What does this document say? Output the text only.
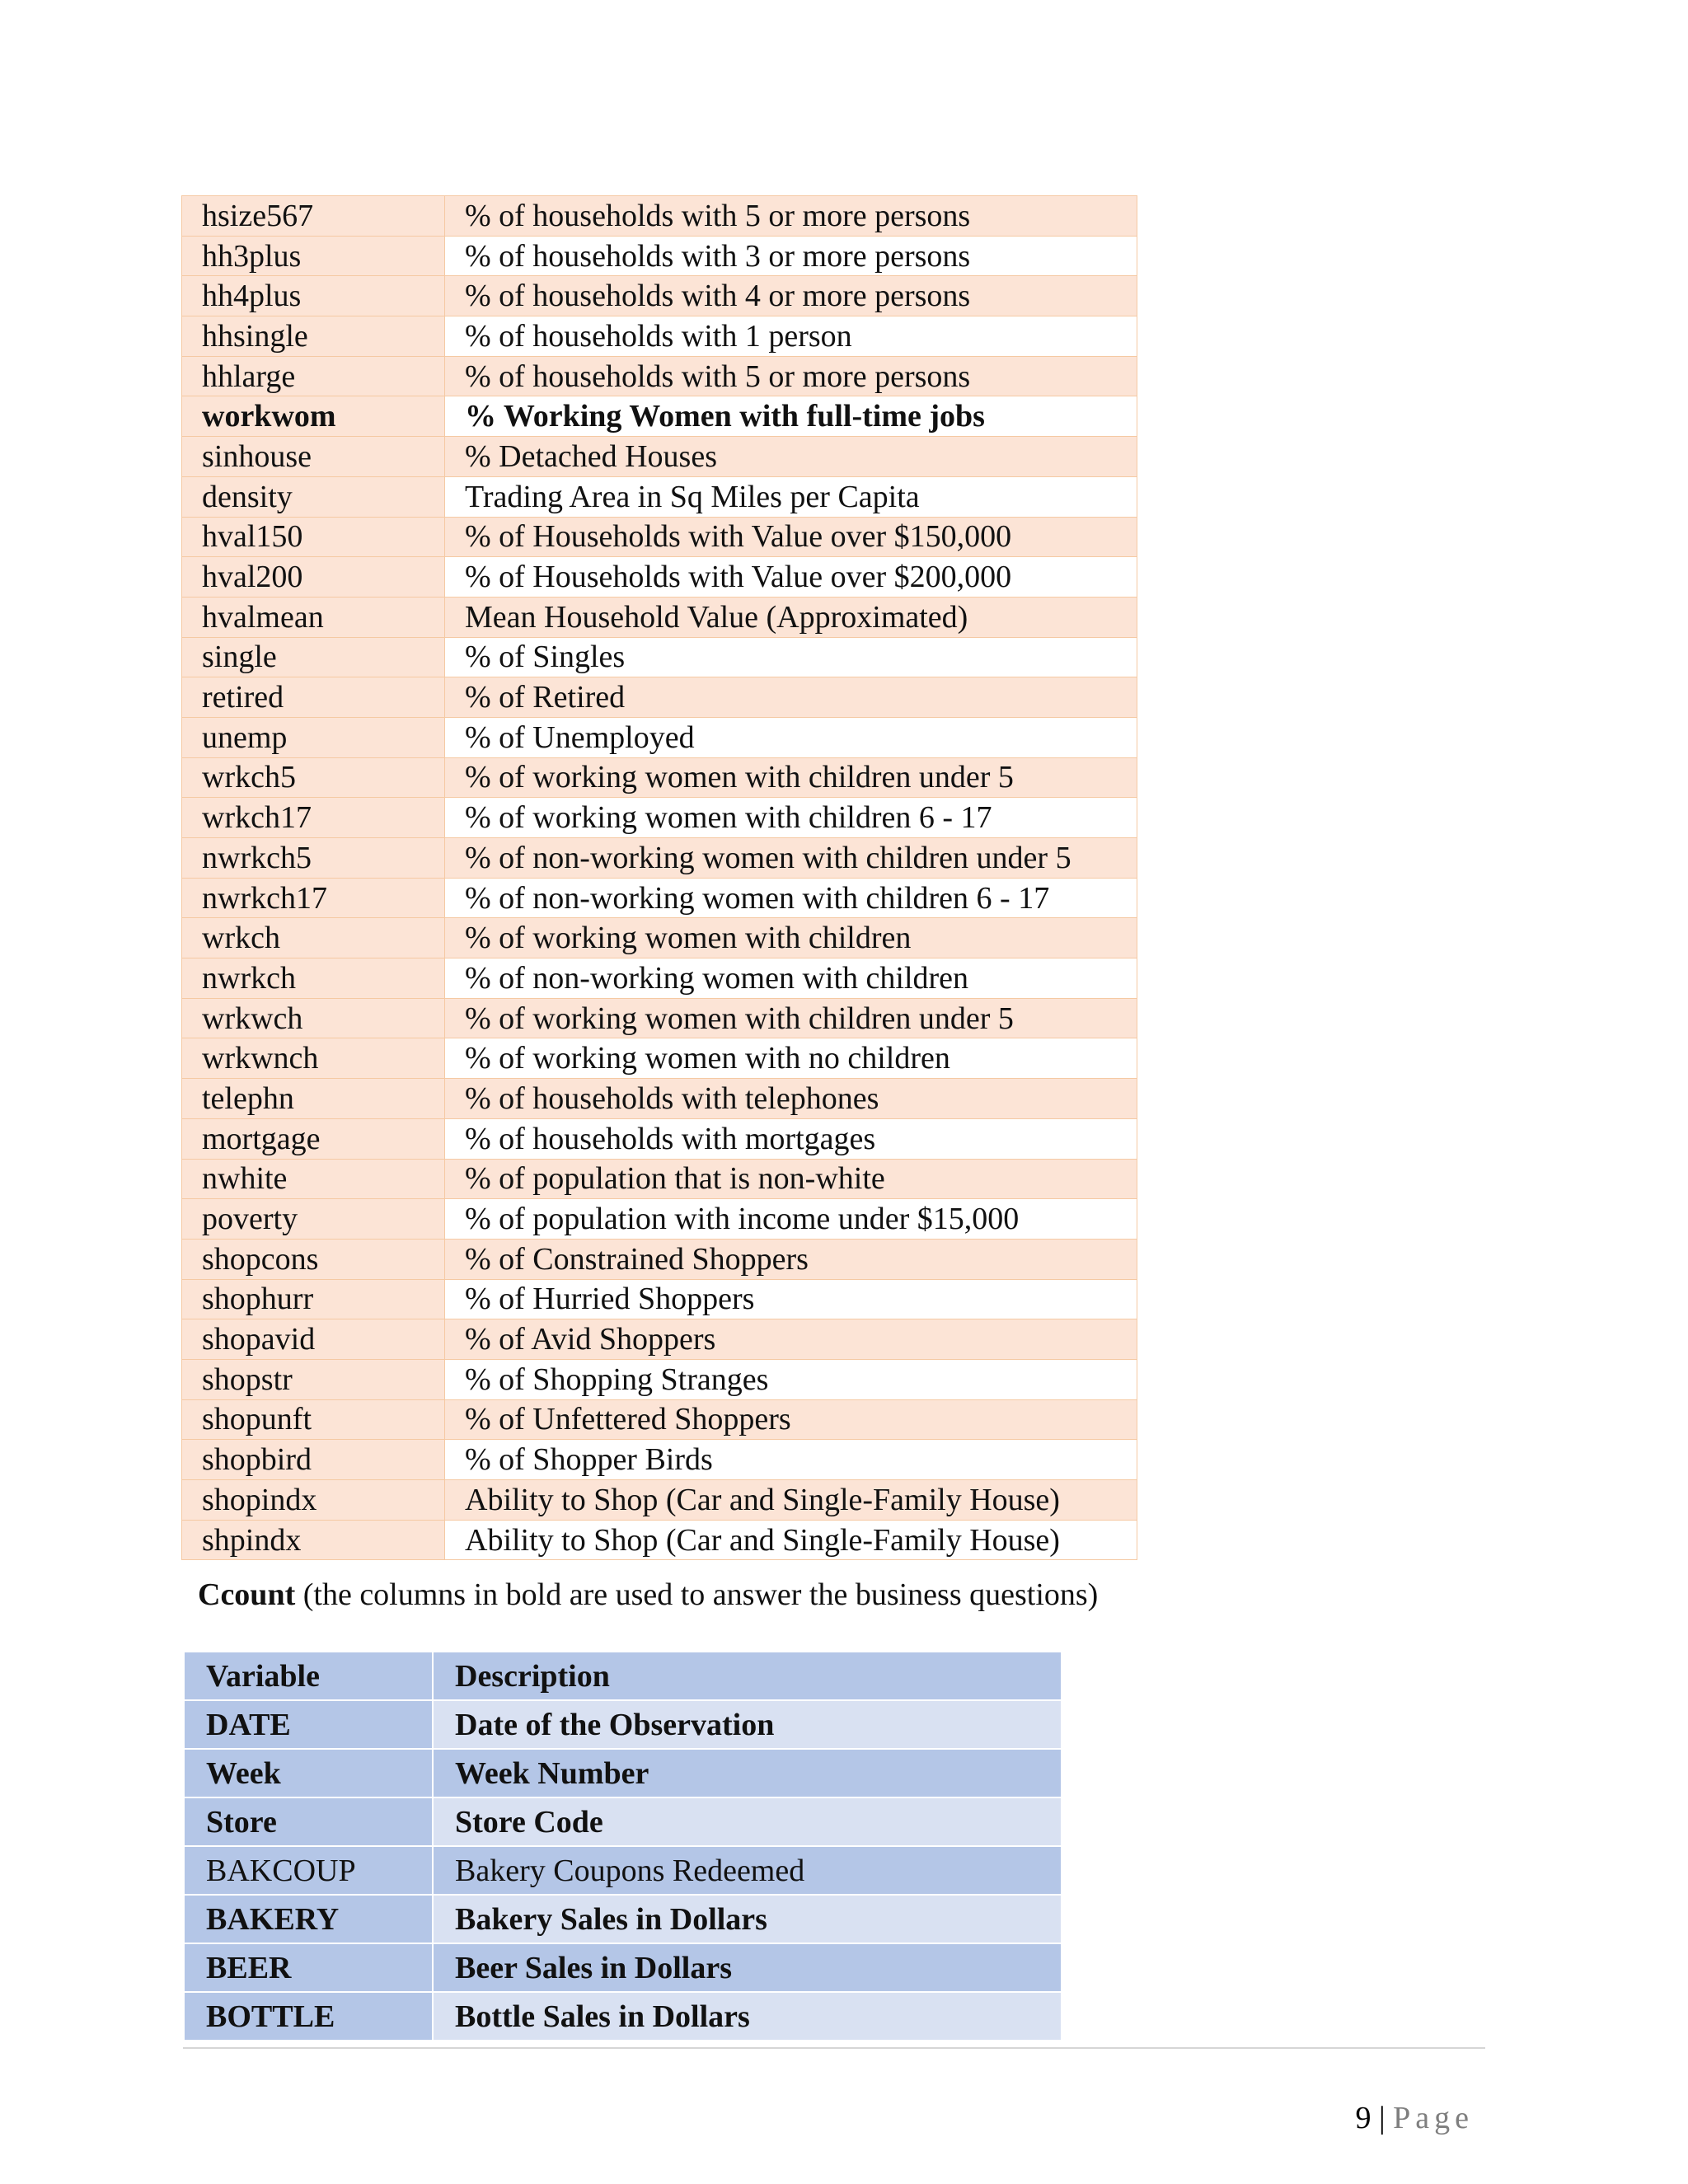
hsize567	% of households with 5 or more persons
hh3plus	% of households with 3 or more persons
hh4plus	% of households with 4 or more persons
hhsingle	% of households with 1 person
hhlarge	% of households with 5 or more persons
workwom	% Working Women with full-time jobs
sinhouse	% Detached Houses
density	Trading Area in Sq Miles per Capita
hval150	% of Households with Value over $150,000
hval200	% of Households with Value over $200,000
hvalmean	Mean Household Value (Approximated)
single	% of Singles
retired	% of Retired
unemp	% of Unemployed
wrkch5	% of working women with children under 5
wrkch17	% of working women with children 6 - 17
nwrkch5	% of non-working women with children under 5
nwrkch17	% of non-working women with children 6 - 17
wrkch	% of working women with children
nwrkch	% of non-working women with children
wrkwch	% of working women with children under 5
wrkwnch	% of working women with no children
telephn	% of households with telephones
mortgage	% of households with mortgages
nwhite	% of population that is non-white
poverty	% of population with income under $15,000
shopcons	% of Constrained Shoppers
shophurr	% of Hurried Shoppers
shopavid	% of Avid Shoppers
shopstr	% of Shopping Stranges
shopunft	% of Unfettered Shoppers
shopbird	% of Shopper Birds
shopindx	Ability to Shop (Car and Single-Family House)
shpindx	Ability to Shop (Car and Single-Family House)
Ccount (the columns in bold are used to answer the business questions)
Variable	Description
DATE	Date of the Observation
Week	Week Number
Store	Store Code
BAKCOUP	Bakery Coupons Redeemed
BAKERY	Bakery Sales in Dollars
BEER	Beer Sales in Dollars
BOTTLE	Bottle Sales in Dollars
9 | Page
